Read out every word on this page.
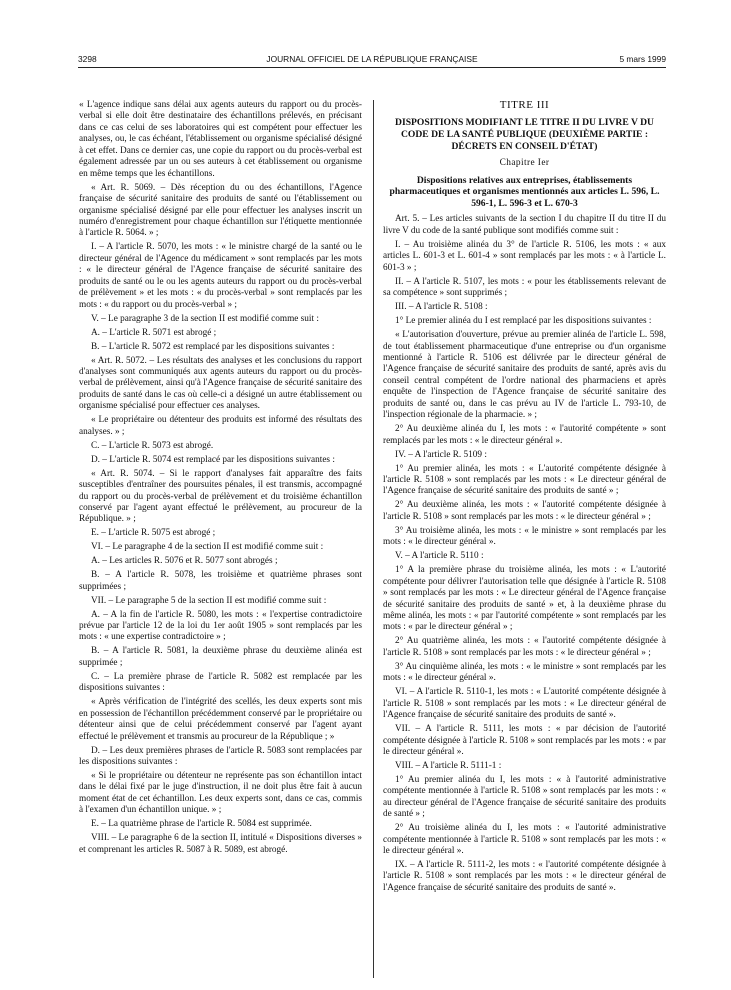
3298	JOURNAL OFFICIEL DE LA RÉPUBLIQUE FRANÇAISE	5 mars 1999

« L'agence indique sans délai aux agents auteurs du rapport ou du procès-verbal si elle doit être destinataire des échantillons prélevés, en précisant dans ce cas celui de ses laboratoires qui est compétent pour effectuer les analyses, ou, le cas échéant, l'établissement ou organisme spécialisé désigné à cet effet. Dans ce dernier cas, une copie du rapport ou du procès-verbal est également adressée par un ou ses auteurs à cet établissement ou organisme en même temps que les échantillons.

« Art. R. 5069. – Dès réception du ou des échantillons, l'Agence française de sécurité sanitaire des produits de santé ou l'établissement ou organisme spécialisé désigné par elle pour effectuer les analyses inscrit un numéro d'enregistrement pour chaque échantillon sur l'étiquette mentionnée à l'article R. 5064. » ;

I. – A l'article R. 5070, les mots : « le ministre chargé de la santé ou le directeur général de l'Agence du médicament » sont remplacés par les mots : « le directeur général de l'Agence française de sécurité sanitaire des produits de santé ou le ou les agents auteurs du rapport ou du procès-verbal de prélèvement » et les mots : « du procès-verbal » sont remplacés par les mots : « du rapport ou du procès-verbal » ;

V. – Le paragraphe 3 de la section II est modifié comme suit :

A. – L'article R. 5071 est abrogé ;

B. – L'article R. 5072 est remplacé par les dispositions suivantes :

« Art. R. 5072. – Les résultats des analyses et les conclusions du rapport d'analyses sont communiqués aux agents auteurs du rapport ou du procès-verbal de prélèvement, ainsi qu'à l'Agence française de sécurité sanitaire des produits de santé dans le cas où celle-ci a désigné un autre établissement ou organisme spécialisé pour effectuer ces analyses.

« Le propriétaire ou détenteur des produits est informé des résultats des analyses. » ;

C. – L'article R. 5073 est abrogé.

D. – L'article R. 5074 est remplacé par les dispositions suivantes :

« Art. R. 5074. – Si le rapport d'analyses fait apparaître des faits susceptibles d'entraîner des poursuites pénales, il est transmis, accompagné du rapport ou du procès-verbal de prélèvement et du troisième échantillon conservé par l'agent ayant effectué le prélèvement, au procureur de la République. » ;

E. – L'article R. 5075 est abrogé ;

VI. – Le paragraphe 4 de la section II est modifié comme suit :

A. – Les articles R. 5076 et R. 5077 sont abrogés ;

B. – A l'article R. 5078, les troisième et quatrième phrases sont supprimées ;

VII. – Le paragraphe 5 de la section II est modifié comme suit :

A. – A la fin de l'article R. 5080, les mots : « l'expertise contradictoire prévue par l'article 12 de la loi du 1er août 1905 » sont remplacés par les mots : « une expertise contradictoire » ;

B. – A l'article R. 5081, la deuxième phrase du deuxième alinéa est supprimée ;

C. – La première phrase de l'article R. 5082 est remplacée par les dispositions suivantes :

« Après vérification de l'intégrité des scellés, les deux experts sont mis en possession de l'échantillon précédemment conservé par le propriétaire ou détenteur ainsi que de celui précédemment conservé par l'agent ayant effectué le prélèvement et transmis au procureur de la République ; »

D. – Les deux premières phrases de l'article R. 5083 sont remplacées par les dispositions suivantes :

« Si le propriétaire ou détenteur ne représente pas son échantillon intact dans le délai fixé par le juge d'instruction, il ne doit plus être fait à aucun moment état de cet échantillon. Les deux experts sont, dans ce cas, commis à l'examen d'un échantillon unique. » ;

E. – La quatrième phrase de l'article R. 5084 est supprimée.

VIII. – Le paragraphe 6 de la section II, intitulé « Dispositions diverses » et comprenant les articles R. 5087 à R. 5089, est abrogé.

TITRE III
DISPOSITIONS MODIFIANT LE TITRE II DU LIVRE V DU CODE DE LA SANTÉ PUBLIQUE (DEUXIÈME PARTIE : DÉCRETS EN CONSEIL D'ÉTAT)
Chapitre Ier
Dispositions relatives aux entreprises, établissements pharmaceutiques et organismes mentionnés aux articles L. 596, L. 596-1, L. 596-3 et L. 670-3

Art. 5. – Les articles suivants de la section I du chapitre II du titre II du livre V du code de la santé publique sont modifiés comme suit :

I. – Au troisième alinéa du 3° de l'article R. 5106, les mots : « aux articles L. 601-3 et L. 601-4 » sont remplacés par les mots : « à l'article L. 601-3 » ;

II. – A l'article R. 5107, les mots : « pour les établissements relevant de sa compétence » sont supprimés ;

III. – A l'article R. 5108 :

1° Le premier alinéa du I est remplacé par les dispositions suivantes :

« L'autorisation d'ouverture, prévue au premier alinéa de l'article L. 598, de tout établissement pharmaceutique d'une entreprise ou d'un organisme mentionné à l'article R. 5106 est délivrée par le directeur général de l'Agence française de sécurité sanitaire des produits de santé, après avis du conseil central compétent de l'ordre national des pharmaciens et après enquête de l'inspection de l'Agence française de sécurité sanitaire des produits de santé ou, dans le cas prévu au IV de l'article L. 793-10, de l'inspection régionale de la pharmacie. » ;

2° Au deuxième alinéa du I, les mots : « l'autorité compétente » sont remplacés par les mots : « le directeur général ».

IV. – A l'article R. 5109 :

1° Au premier alinéa, les mots : « L'autorité compétente désignée à l'article R. 5108 » sont remplacés par les mots : « Le directeur général de l'Agence française de sécurité sanitaire des produits de santé » ;

2° Au deuxième alinéa, les mots : « l'autorité compétente désignée à l'article R. 5108 » sont remplacés par les mots : « le directeur général » ;

3° Au troisième alinéa, les mots : « le ministre » sont remplacés par les mots : « le directeur général ».

V. – A l'article R. 5110 :

1° A la première phrase du troisième alinéa, les mots : « L'autorité compétente pour délivrer l'autorisation telle que désignée à l'article R. 5108 » sont remplacés par les mots : « Le directeur général de l'Agence française de sécurité sanitaire des produits de santé » et, à la deuxième phrase du même alinéa, les mots : « par l'autorité compétente » sont remplacés par les mots : « par le directeur général » ;

2° Au quatrième alinéa, les mots : « l'autorité compétente désignée à l'article R. 5108 » sont remplacés par les mots : « le directeur général » ;

3° Au cinquième alinéa, les mots : « le ministre » sont remplacés par les mots : « le directeur général ».

VI. – A l'article R. 5110-1, les mots : « L'autorité compétente désignée à l'article R. 5108 » sont remplacés par les mots : « Le directeur général de l'Agence française de sécurité sanitaire des produits de santé ».

VII. – A l'article R. 5111, les mots : « par décision de l'autorité compétente désignée à l'article R. 5108 » sont remplacés par les mots : « par le directeur général ».

VIII. – A l'article R. 5111-1 :

1° Au premier alinéa du I, les mots : « à l'autorité administrative compétente mentionnée à l'article R. 5108 » sont remplacés par les mots : « au directeur général de l'Agence française de sécurité sanitaire des produits de santé » ;

2° Au troisième alinéa du I, les mots : « l'autorité administrative compétente mentionnée à l'article R. 5108 » sont remplacés par les mots : « le directeur général ».

IX. – A l'article R. 5111-2, les mots : « l'autorité compétente désignée à l'article R. 5108 » sont remplacés par les mots : « le directeur général de l'Agence française de sécurité sanitaire des produits de santé ».
